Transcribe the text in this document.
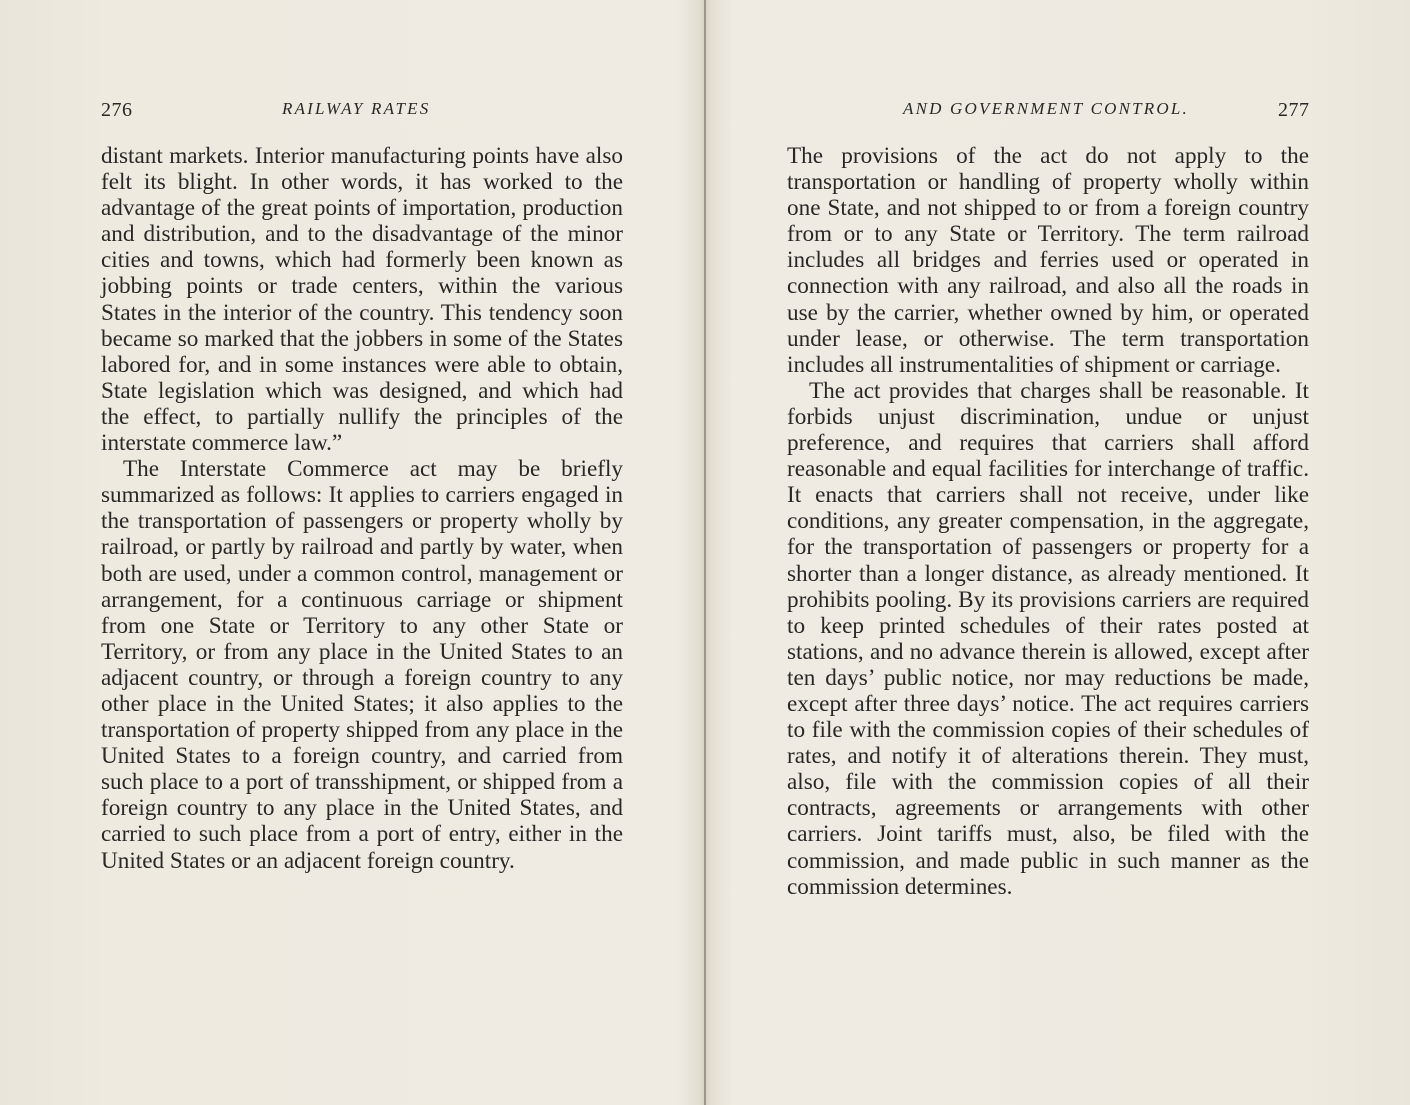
276	RAILWAY RATES

distant markets. Interior manufacturing points have also felt its blight. In other words, it has worked to the advantage of the great points of importation, production and distribution, and to the disadvantage of the minor cities and towns, which had formerly been known as jobbing points or trade centers, within the various States in the interior of the country. This tendency soon became so marked that the jobbers in some of the States labored for, and in some instances were able to obtain, State legislation which was designed, and which had the effect, to partially nullify the principles of the interstate commerce law.”

The Interstate Commerce act may be briefly summarized as follows: It applies to carriers engaged in the transportation of passengers or property wholly by railroad, or partly by railroad and partly by water, when both are used, under a common control, management or arrangement, for a continuous carriage or shipment from one State or Territory to any other State or Territory, or from any place in the United States to an adjacent country, or through a foreign country to any other place in the United States; it also applies to the transportation of property shipped from any place in the United States to a foreign country, and carried from such place to a port of transshipment, or shipped from a foreign country to any place in the United States, and carried to such place from a port of entry, either in the United States or an adjacent foreign country.

AND GOVERNMENT CONTROL.	277

The provisions of the act do not apply to the transportation or handling of property wholly within one State, and not shipped to or from a foreign country from or to any State or Territory. The term railroad includes all bridges and ferries used or operated in connection with any railroad, and also all the roads in use by the carrier, whether owned by him, or operated under lease, or otherwise. The term transportation includes all instrumentalities of shipment or carriage.

The act provides that charges shall be reasonable. It forbids unjust discrimination, undue or unjust preference, and requires that carriers shall afford reasonable and equal facilities for interchange of traffic. It enacts that carriers shall not receive, under like conditions, any greater compensation, in the aggregate, for the transportation of passengers or property for a shorter than a longer distance, as already mentioned. It prohibits pooling. By its provisions carriers are required to keep printed schedules of their rates posted at stations, and no advance therein is allowed, except after ten days’ public notice, nor may reductions be made, except after three days’ notice. The act requires carriers to file with the commission copies of their schedules of rates, and notify it of alterations therein. They must, also, file with the commission copies of all their contracts, agreements or arrangements with other carriers. Joint tariffs must, also, be filed with the commission, and made public in such manner as the commission determines.
